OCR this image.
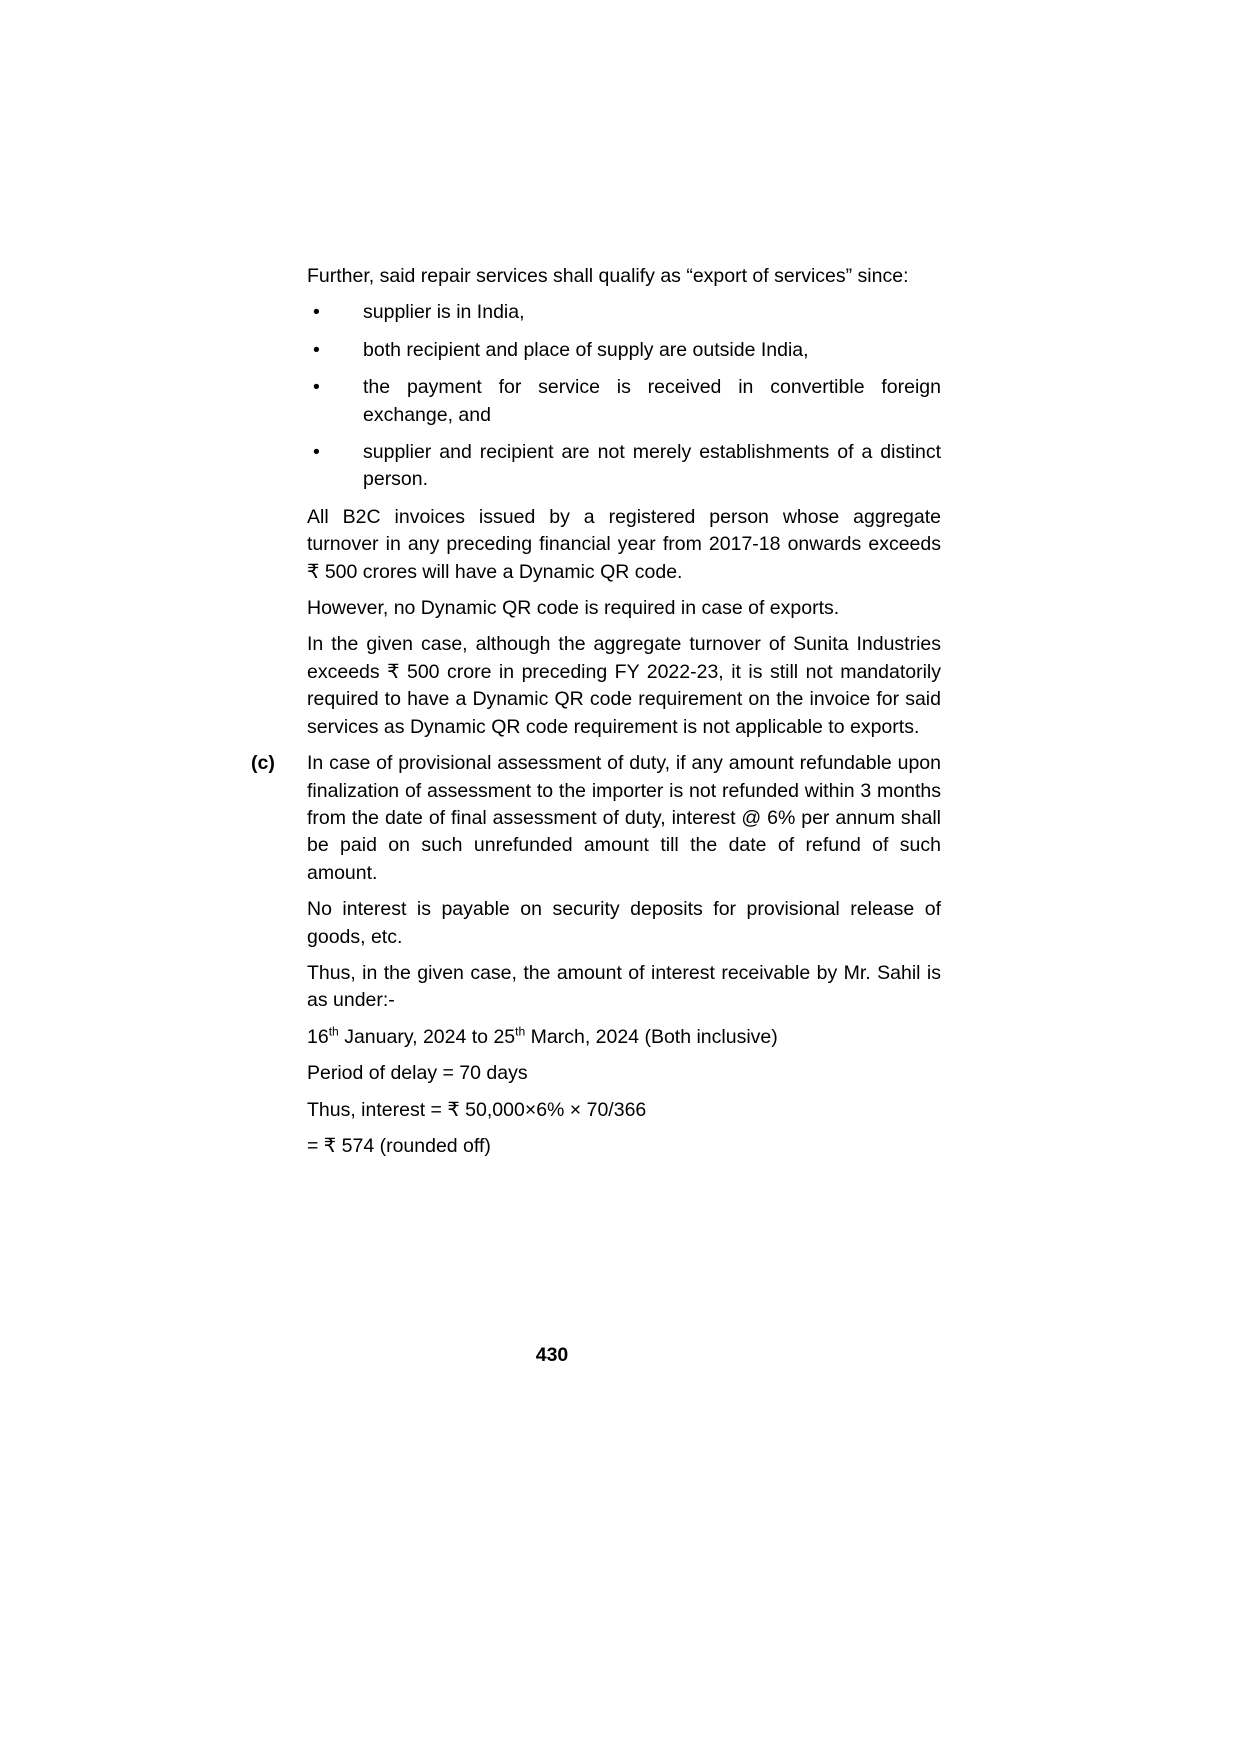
Further, said repair services shall qualify as “export of services” since:

• supplier is in India,
• both recipient and place of supply are outside India,
• the payment for service is received in convertible foreign exchange, and
• supplier and recipient are not merely establishments of a distinct person.

All B2C invoices issued by a registered person whose aggregate turnover in any preceding financial year from 2017-18 onwards exceeds ₹ 500 crores will have a Dynamic QR code.

However, no Dynamic QR code is required in case of exports.

In the given case, although the aggregate turnover of Sunita Industries exceeds ₹ 500 crore in preceding FY 2022-23, it is still not mandatorily required to have a Dynamic QR code requirement on the invoice for said services as Dynamic QR code requirement is not applicable to exports.

(c) In case of provisional assessment of duty, if any amount refundable upon finalization of assessment to the importer is not refunded within 3 months from the date of final assessment of duty, interest @ 6% per annum shall be paid on such unrefunded amount till the date of refund of such amount.

No interest is payable on security deposits for provisional release of goods, etc.

Thus, in the given case, the amount of interest receivable by Mr. Sahil is as under:-

16th January, 2024 to 25th March, 2024 (Both inclusive)

Period of delay = 70 days

Thus, interest = ₹ 50,000×6% × 70/366

= ₹ 574 (rounded off)

430
